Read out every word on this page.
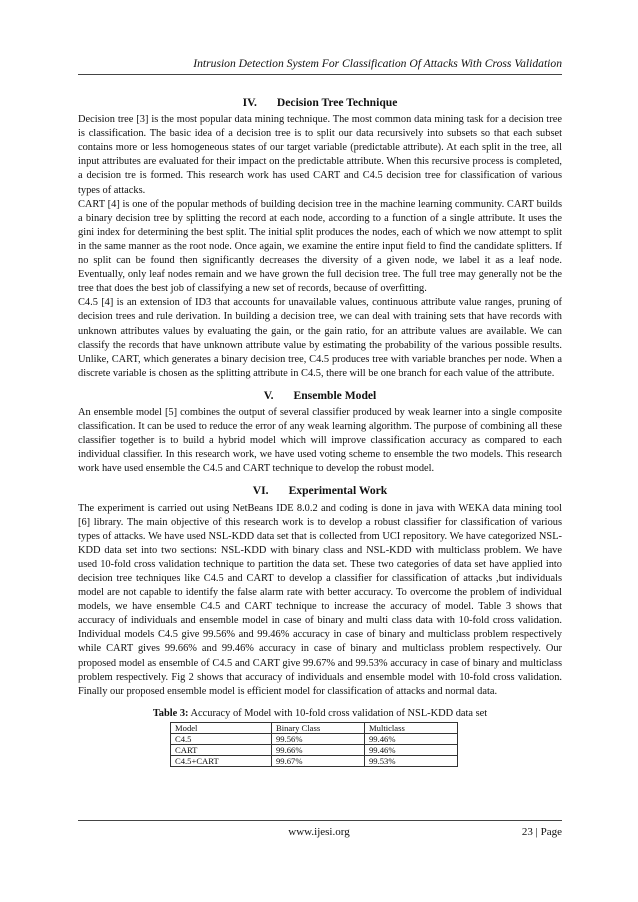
Intrusion Detection System For Classification Of Attacks With Cross Validation
IV. Decision Tree Technique

Decision tree [3] is the most popular data mining technique. The most common data mining task for a decision tree is classification. The basic idea of a decision tree is to split our data recursively into subsets so that each subset contains more or less homogeneous states of our target variable (predictable attribute). At each split in the tree, all input attributes are evaluated for their impact on the predictable attribute. When this recursive process is completed, a decision tre is formed. This research work has used CART and C4.5 decision tree for classification of various types of attacks.

CART [4] is one of the popular methods of building decision tree in the machine learning community. CART builds a binary decision tree by splitting the record at each node, according to a function of a single attribute. It uses the gini index for determining the best split. The initial split produces the nodes, each of which we now attempt to split in the same manner as the root node. Once again, we examine the entire input field to find the candidate splitters. If no split can be found then significantly decreases the diversity of a given node, we label it as a leaf node. Eventually, only leaf nodes remain and we have grown the full decision tree. The full tree may generally not be the tree that does the best job of classifying a new set of records, because of overfitting.

C4.5 [4] is an extension of ID3 that accounts for unavailable values, continuous attribute value ranges, pruning of decision trees and rule derivation. In building a decision tree, we can deal with training sets that have records with unknown attributes values by evaluating the gain, or the gain ratio, for an attribute values are available. We can classify the records that have unknown attribute value by estimating the probability of the various possible results. Unlike, CART, which generates a binary decision tree, C4.5 produces tree with variable branches per node. When a discrete variable is chosen as the splitting attribute in C4.5, there will be one branch for each value of the attribute.

V. Ensemble Model

An ensemble model [5] combines the output of several classifier produced by weak learner into a single composite classification. It can be used to reduce the error of any weak learning algorithm. The purpose of combining all these classifier together is to build a hybrid model which will improve classification accuracy as compared to each individual classifier. In this research work, we have used voting scheme to ensemble the two models. This research work have used ensemble the C4.5 and CART technique to develop the robust model.

VI. Experimental Work

The experiment is carried out using NetBeans IDE 8.0.2 and coding is done in java with WEKA data mining tool [6] library. The main objective of this research work is to develop a robust classifier for classification of various types of attacks. We have used NSL-KDD data set that is collected from UCI repository. We have categorized NSL-KDD data set into two sections: NSL-KDD with binary class and NSL-KDD with multiclass problem. We have used 10-fold cross validation technique to partition the data set. These two categories of data set have applied into decision tree techniques like C4.5 and CART to develop a classifier for classification of attacks ,but individuals model are not capable to identify the false alarm rate with better accuracy. To overcome the problem of individual models, we have ensemble C4.5 and CART technique to increase the accuracy of model. Table 3 shows that accuracy of individuals and ensemble model in case of binary and multi class data with 10-fold cross validation. Individual models C4.5 give 99.56% and 99.46% accuracy in case of binary and multiclass problem respectively while CART gives 99.66% and 99.46% accuracy in case of binary and multiclass problem respectively. Our proposed model as ensemble of C4.5 and CART give 99.67% and 99.53% accuracy in case of binary and multiclass problem respectively. Fig 2 shows that accuracy of individuals and ensemble model with 10-fold cross validation. Finally our proposed ensemble model is efficient model for classification of attacks and normal data.

Table 3: Accuracy of Model with 10-fold cross validation of NSL-KDD data set
Model	Binary Class	Multiclass
C4.5	99.56%	99.46%
CART	99.66%	99.46%
C4.5+CART	99.67%	99.53%
www.ijesi.org	23 | Page
